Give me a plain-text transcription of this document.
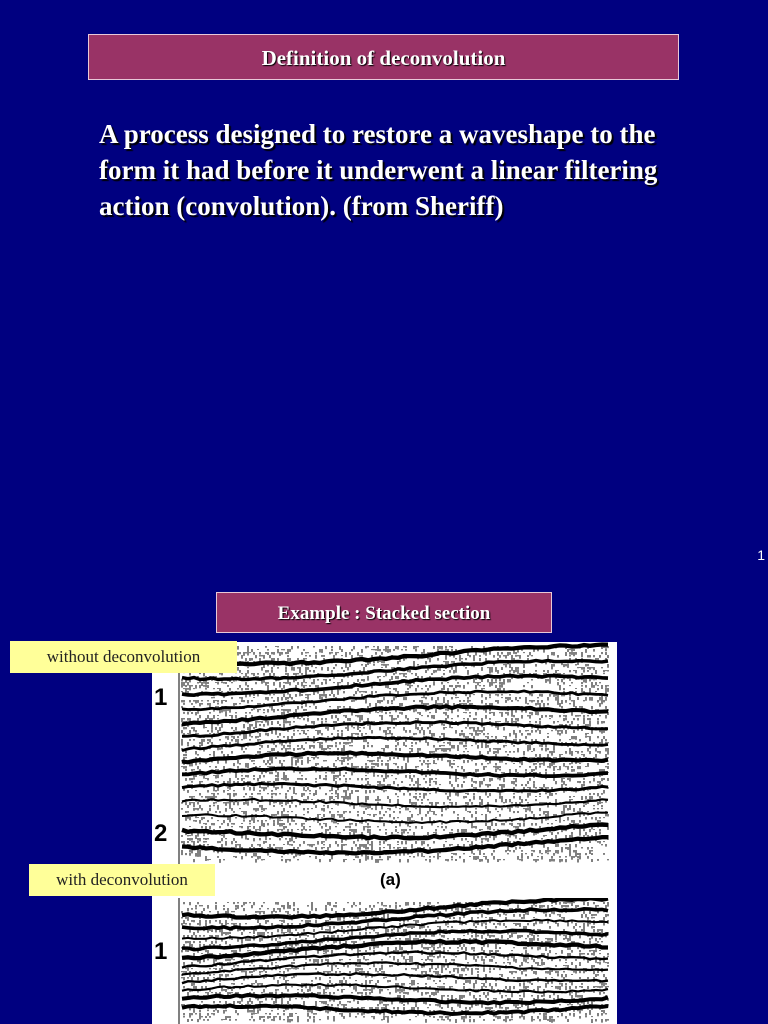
Definition of deconvolution
A process designed to restore a waveshape to the form it had before it underwent a linear filtering action (convolution). (from Sheriff)
1
Example : Stacked section
1
2
(a)
1
without deconvolution
with deconvolution
